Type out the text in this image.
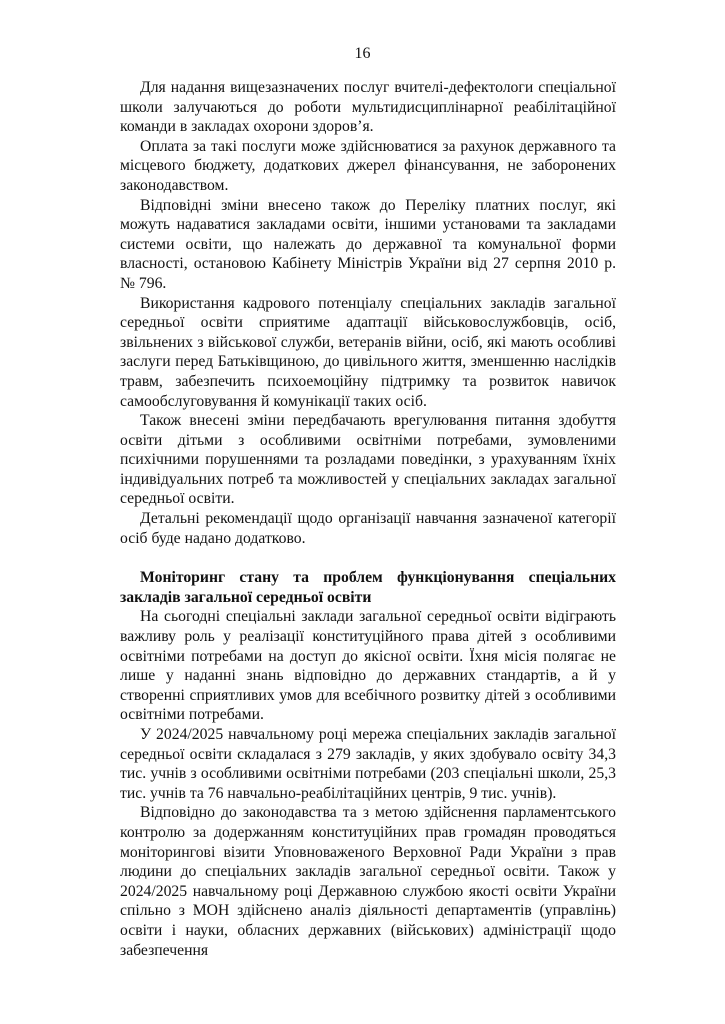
16

Для надання вищезазначених послуг вчителі-дефектологи спеціальної школи залучаються до роботи мультидисциплінарної реабілітаційної команди в закладах охорони здоров’я.

Оплата за такі послуги може здійснюватися за рахунок державного та місцевого бюджету, додаткових джерел фінансування, не заборонених законодавством.

Відповідні зміни внесено також до Переліку платних послуг, які можуть надаватися закладами освіти, іншими установами та закладами системи освіти, що належать до державної та комунальної форми власності, остановою Кабінету Міністрів України від 27 серпня 2010 р. № 796.

Використання кадрового потенціалу спеціальних закладів загальної середньої освіти сприятиме адаптації військовослужбовців, осіб, звільнених з військової служби, ветеранів війни, осіб, які мають особливі заслуги перед Батьківщиною, до цивільного життя, зменшенню наслідків травм, забезпечить психоемоційну підтримку та розвиток навичок самообслуговування й комунікації таких осіб.

Також внесені зміни передбачають врегулювання питання здобуття освіти дітьми з особливими освітніми потребами, зумовленими психічними порушеннями та розладами поведінки, з урахуванням їхніх індивідуальних потреб та можливостей у спеціальних закладах загальної середньої освіти.

Детальні рекомендації щодо організації навчання зазначеної категорії осіб буде надано додатково.

Моніторинг стану та проблем функціонування спеціальних закладів загальної середньої освіти

На сьогодні спеціальні заклади загальної середньої освіти відіграють важливу роль у реалізації конституційного права дітей з особливими освітніми потребами на доступ до якісної освіти. Їхня місія полягає не лише у наданні знань відповідно до державних стандартів, а й у створенні сприятливих умов для всебічного розвитку дітей з особливими освітніми потребами.

У 2024/2025 навчальному році мережа спеціальних закладів загальної середньої освіти складалася з 279 закладів, у яких здобувало освіту 34,3 тис. учнів з особливими освітніми потребами (203 спеціальні школи, 25,3 тис. учнів та 76 навчально-реабілітаційних центрів, 9 тис. учнів).

Відповідно до законодавства та з метою здійснення парламентського контролю за додержанням конституційних прав громадян проводяться моніторингові візити Уповноваженого Верховної Ради України з прав людини до спеціальних закладів загальної середньої освіти. Також у 2024/2025 навчальному році Державною службою якості освіти України спільно з МОН здійснено аналіз діяльності департаментів (управлінь) освіти і науки, обласних державних (військових) адміністрації щодо забезпечення
